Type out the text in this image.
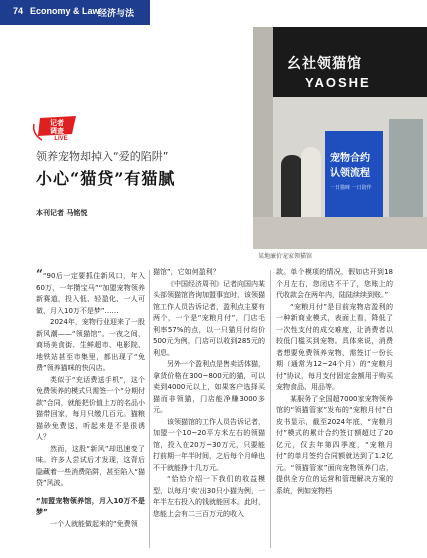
74 Economy & Law
经济与法
幺社领猫馆
YAOSHE
宠物合约
认领流程
一日猫咪 一日陪伴
某地廉价宠家领猫馆
记者
调查
LIVE
领养宠物却掉入“爱的陷阱”
小心“猫贷”有猫腻
本刊记者 马铭悦

““90后一定要抓住新风口，年入60万，一年攒宝马”“加盟宠物领养新赛道，投入低、轻盈化、一人可做，月入10万不是梦”……

2024年，宠物行业迎来了一股新风潮——“领猫馆”。一夜之间，商场美食街、生鲜超市、电影院、地铁站甚至市集里，都出现了“免费”领养猫咪的快闪店。

类似于“充话费送手机”，这个免费领养的模式只需签一个“分期付款”合同，就能把价值上万的名品小猫带回家，每月只缴几百元。猫粮猫砂免费送，听起来是不是很诱人？

然而，这股“新风”却迅速变了味。许多人尝试后才发现，这背后隐藏着一些消费陷阱，甚至陷入“猫贷”风波。

“加盟宠物领养馆，月入10万不是梦”

一个人就能做起来的“免费领

猫馆”，它如何盈利？

《中国经济周刊》记者向国内某头部领猫馆咨询加盟事宜时，该领猫馆工作人员告诉记者，盈利点主要有两个，一个是“宠粮月付”，门店毛利率57%的点，以一只猫月付均价500元为例，门店可以收到285元的利息。

另外一个盈利点是售卖活体猫，拿货价格在300~800元的猫，可以卖到4000元以上，如果客户选择买猫而非领猫，门店能净赚3000多元。

该领猫馆的工作人员告诉记者，加盟一个10~20平方米左右的领猫馆，投入在20万~30万元，只要能打前期一年半时间，之后每个月峰也不干就能挣十几万元。

“恰恰介绍一下我们的收益模型，以每月‘卖’出30只小猫为例，一年半左右投入的钱就能回本。此时，您能上会有二三百万元的收入

款。单个模项的情况，假如店开到18个月左右，您闭店不干了，您账上的代收款会在两年内，陆陆续续到账。”

“宠粮月付”是目前宠物店盈利的一种新商业模式，表面上看，降低了一次性支付的成交难度，让消费者以较低门槛买到宠物。具体来说，消费者想要免费领养宠物，需签订一份长期（通常为12~24个月）的“宠粮月付”协议，每月支付固定金额用于购买宠物食品、用品等。

某服务了全国超7000家宠物领养馆的“领猫管家”发布的“宠粮月付”白皮书显示，截至2024年底，“宠粮月付”模式的累计合约签订额超过了20亿元，仅去年第四季度，“宠粮月付”的单月签约合同额就达到了1.2亿元。“领猫管家”面向宠物领养门店，提供全方位的运营和管理解决方案的系统，例如宠物档
